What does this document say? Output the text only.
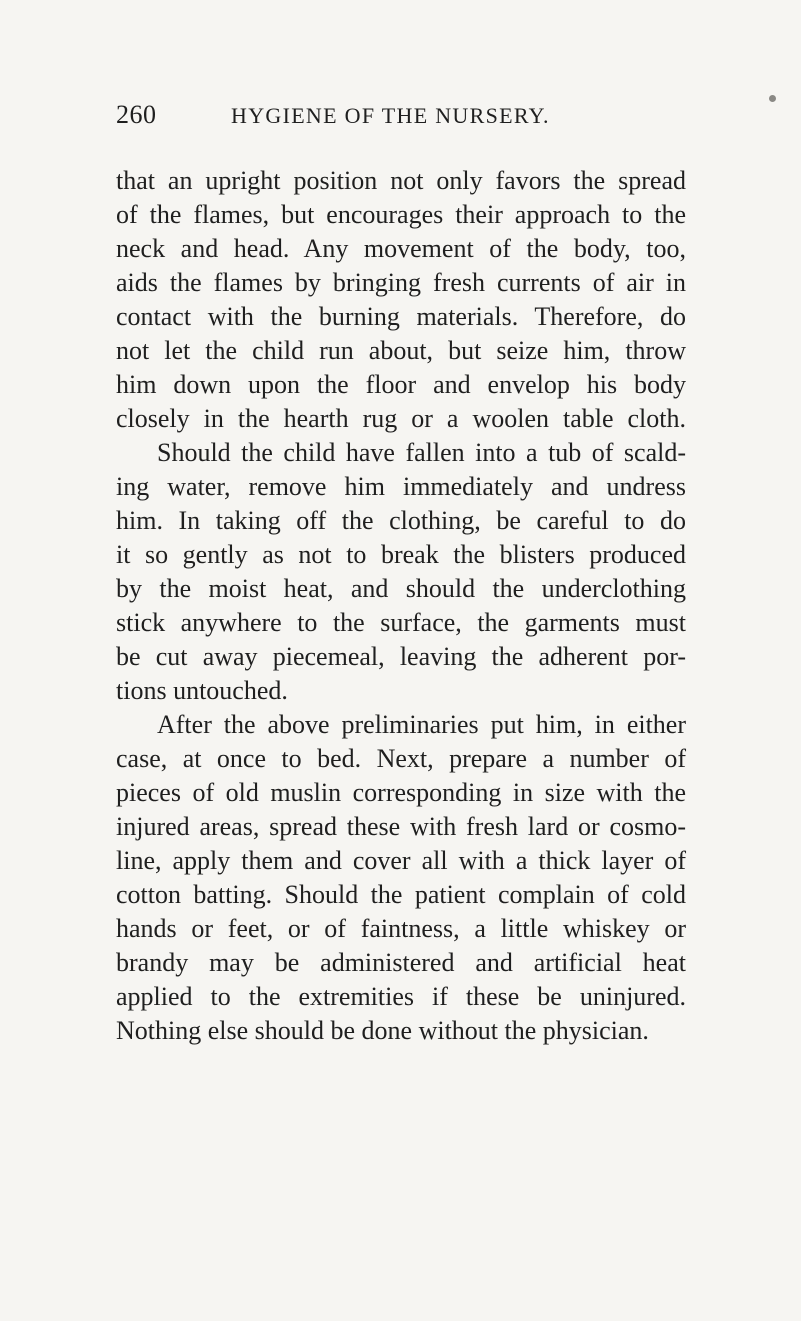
260	HYGIENE OF THE NURSERY.
that an upright position not only favors the spread
of the flames, but encourages their approach to the
neck and head. Any movement of the body, too,
aids the flames by bringing fresh currents of air in
contact with the burning materials. Therefore, do
not let the child run about, but seize him, throw
him down upon the floor and envelop his body
closely in the hearth rug or a woolen table cloth.
Should the child have fallen into a tub of scald-
ing water, remove him immediately and undress
him. In taking off the clothing, be careful to do
it so gently as not to break the blisters produced
by the moist heat, and should the underclothing
stick anywhere to the surface, the garments must
be cut away piecemeal, leaving the adherent por-
tions untouched.
After the above preliminaries put him, in either
case, at once to bed. Next, prepare a number of
pieces of old muslin corresponding in size with the
injured areas, spread these with fresh lard or cosmo-
line, apply them and cover all with a thick layer of
cotton batting. Should the patient complain of cold
hands or feet, or of faintness, a little whiskey or
brandy may be administered and artificial heat
applied to the extremities if these be uninjured.
Nothing else should be done without the physician.
